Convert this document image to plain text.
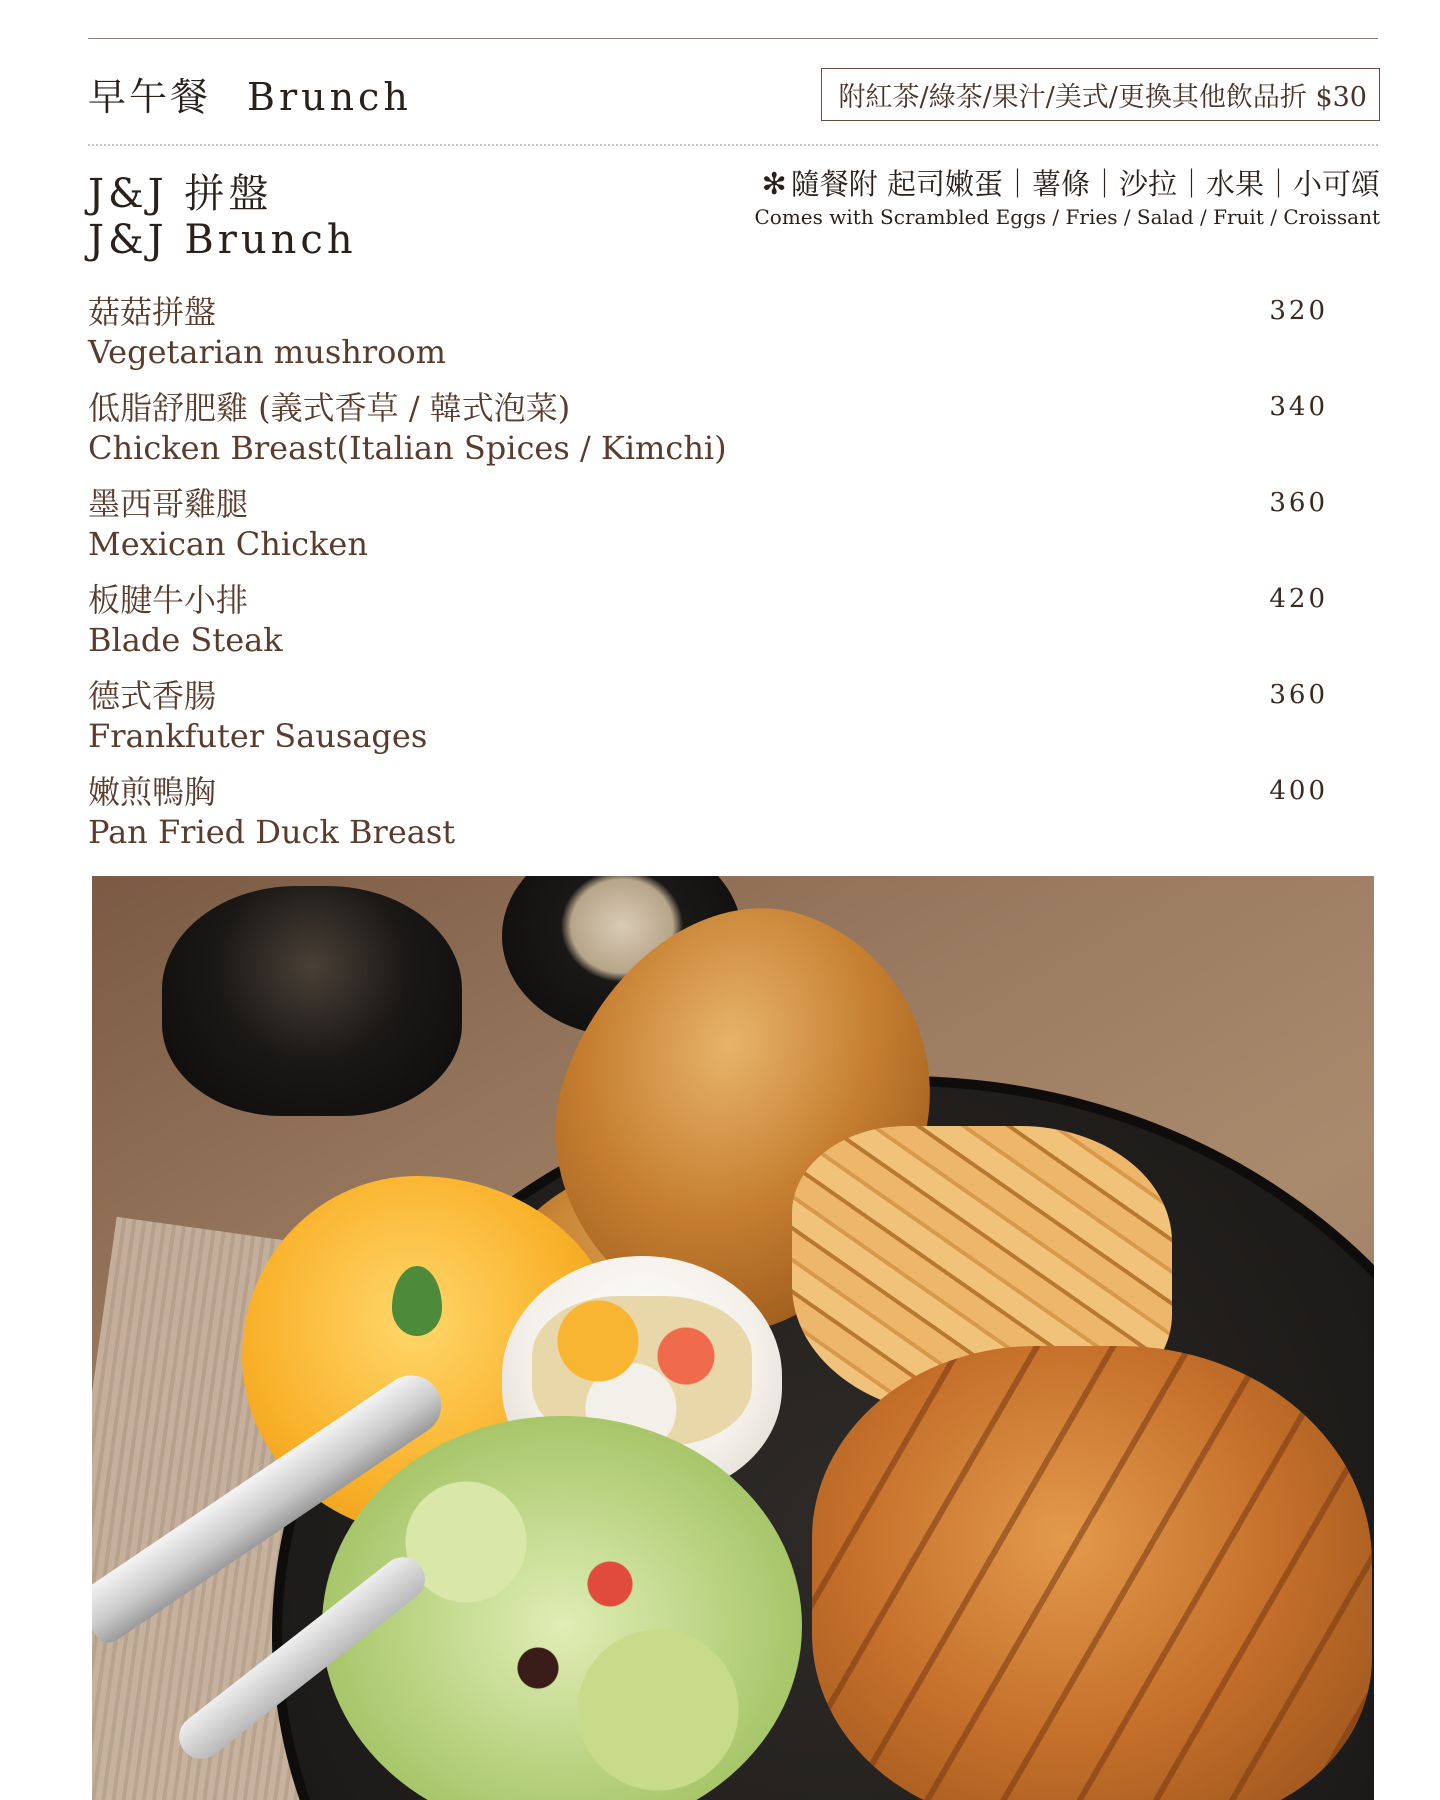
早午餐 Brunch	附紅茶/綠茶/果汁/美式/更換其他飲品折 $30
J&J 拼盤
J&J Brunch
✻ 隨餐附 起司嫩蛋｜薯條｜沙拉｜水果｜小可頌
Comes with Scrambled Eggs / Fries / Salad / Fruit / Croissant
菇菇拼盤
Vegetarian mushroom
320
低脂舒肥雞 (義式香草 / 韓式泡菜)
Chicken Breast(Italian Spices / Kimchi)
340
墨西哥雞腿
Mexican Chicken
360
板腱牛小排
Blade Steak
420
德式香腸
Frankfuter Sausages
360
嫩煎鴨胸
Pan Fried Duck Breast
400
